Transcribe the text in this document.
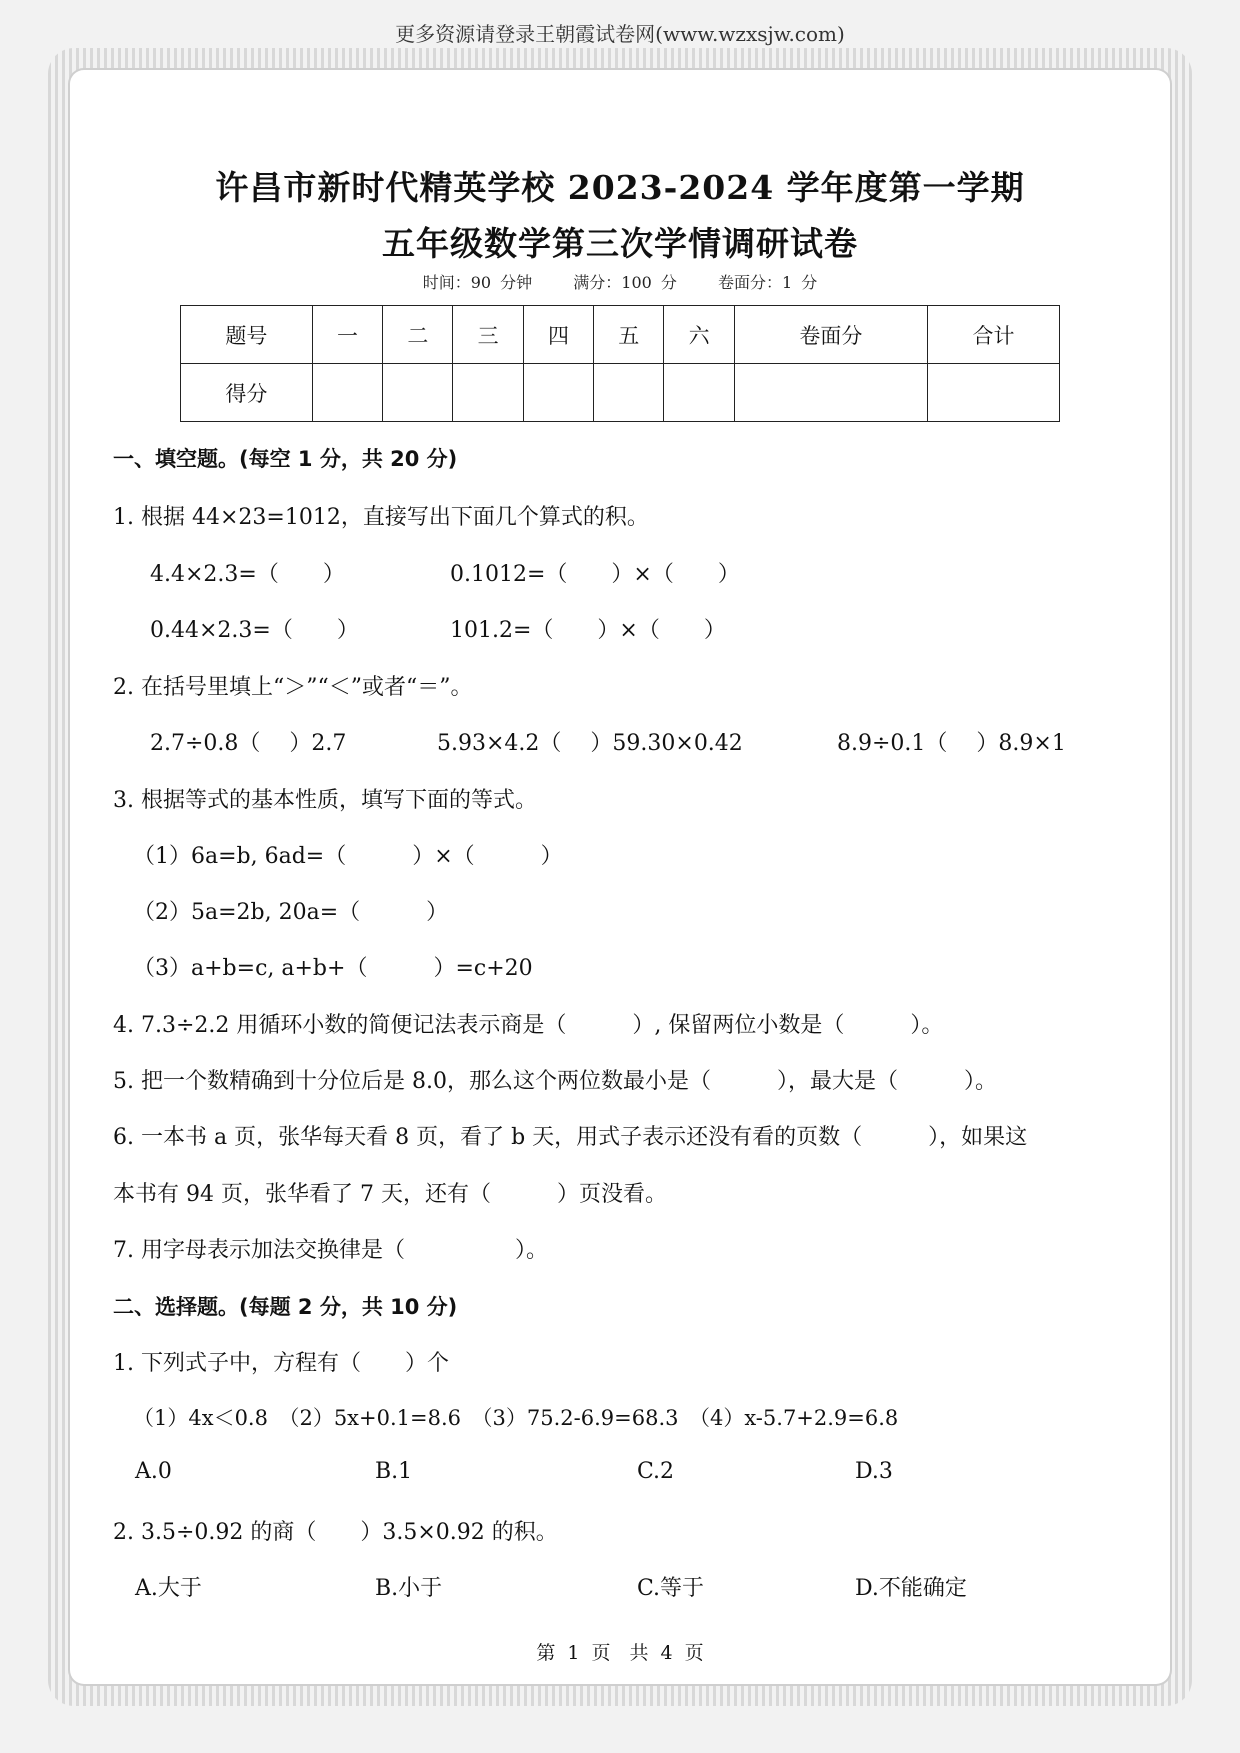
更多资源请登录王朝霞试卷网(www.wzxsjw.com)
许昌市新时代精英学校 2023-2024 学年度第一学期
五年级数学第三次学情调研试卷
时间：90 分钟	满分：100 分	卷面分：1 分
题号	一	二	三	四	五	六	卷面分	合计
得分								
一、填空题。(每空 1 分，共 20 分)
1. 根据 44×23=1012，直接写出下面几个算式的积。
4.4×2.3=（　　）	0.1012=（　　）×（　　）
0.44×2.3=（　　）	101.2=（　　）×（　　）
2. 在括号里填上“＞”“＜”或者“＝”。
2.7÷0.8（　 ）2.7	5.93×4.2（　 ）59.30×0.42	8.9÷0.1（　 ）8.9×1
3. 根据等式的基本性质，填写下面的等式。
（1）6a=b, 6ad=（　　　）×（　　　）
（2）5a=2b, 20a=（　　　）
（3）a+b=c, a+b+（　　　）=c+20
4. 7.3÷2.2 用循环小数的简便记法表示商是（　　　）, 保留两位小数是（　　　）。
5. 把一个数精确到十分位后是 8.0，那么这个两位数最小是（　　　），最大是（　　　）。
6. 一本书 a 页，张华每天看 8 页，看了 b 天，用式子表示还没有看的页数（　　　），如果这
本书有 94 页，张华看了 7 天，还有（　　　）页没看。
7. 用字母表示加法交换律是（　　　　　）。
二、选择题。(每题 2 分，共 10 分)
1. 下列式子中，方程有（　　）个
（1）4x＜0.8　（2）5x+0.1=8.6　（3）75.2-6.9=68.3　（4）x-5.7+2.9=6.8
A.0	B.1	C.2	D.3
2. 3.5÷0.92 的商（　　）3.5×0.92 的积。
A.大于	B.小于	C.等于	D.不能确定
第 1 页　共 4 页
